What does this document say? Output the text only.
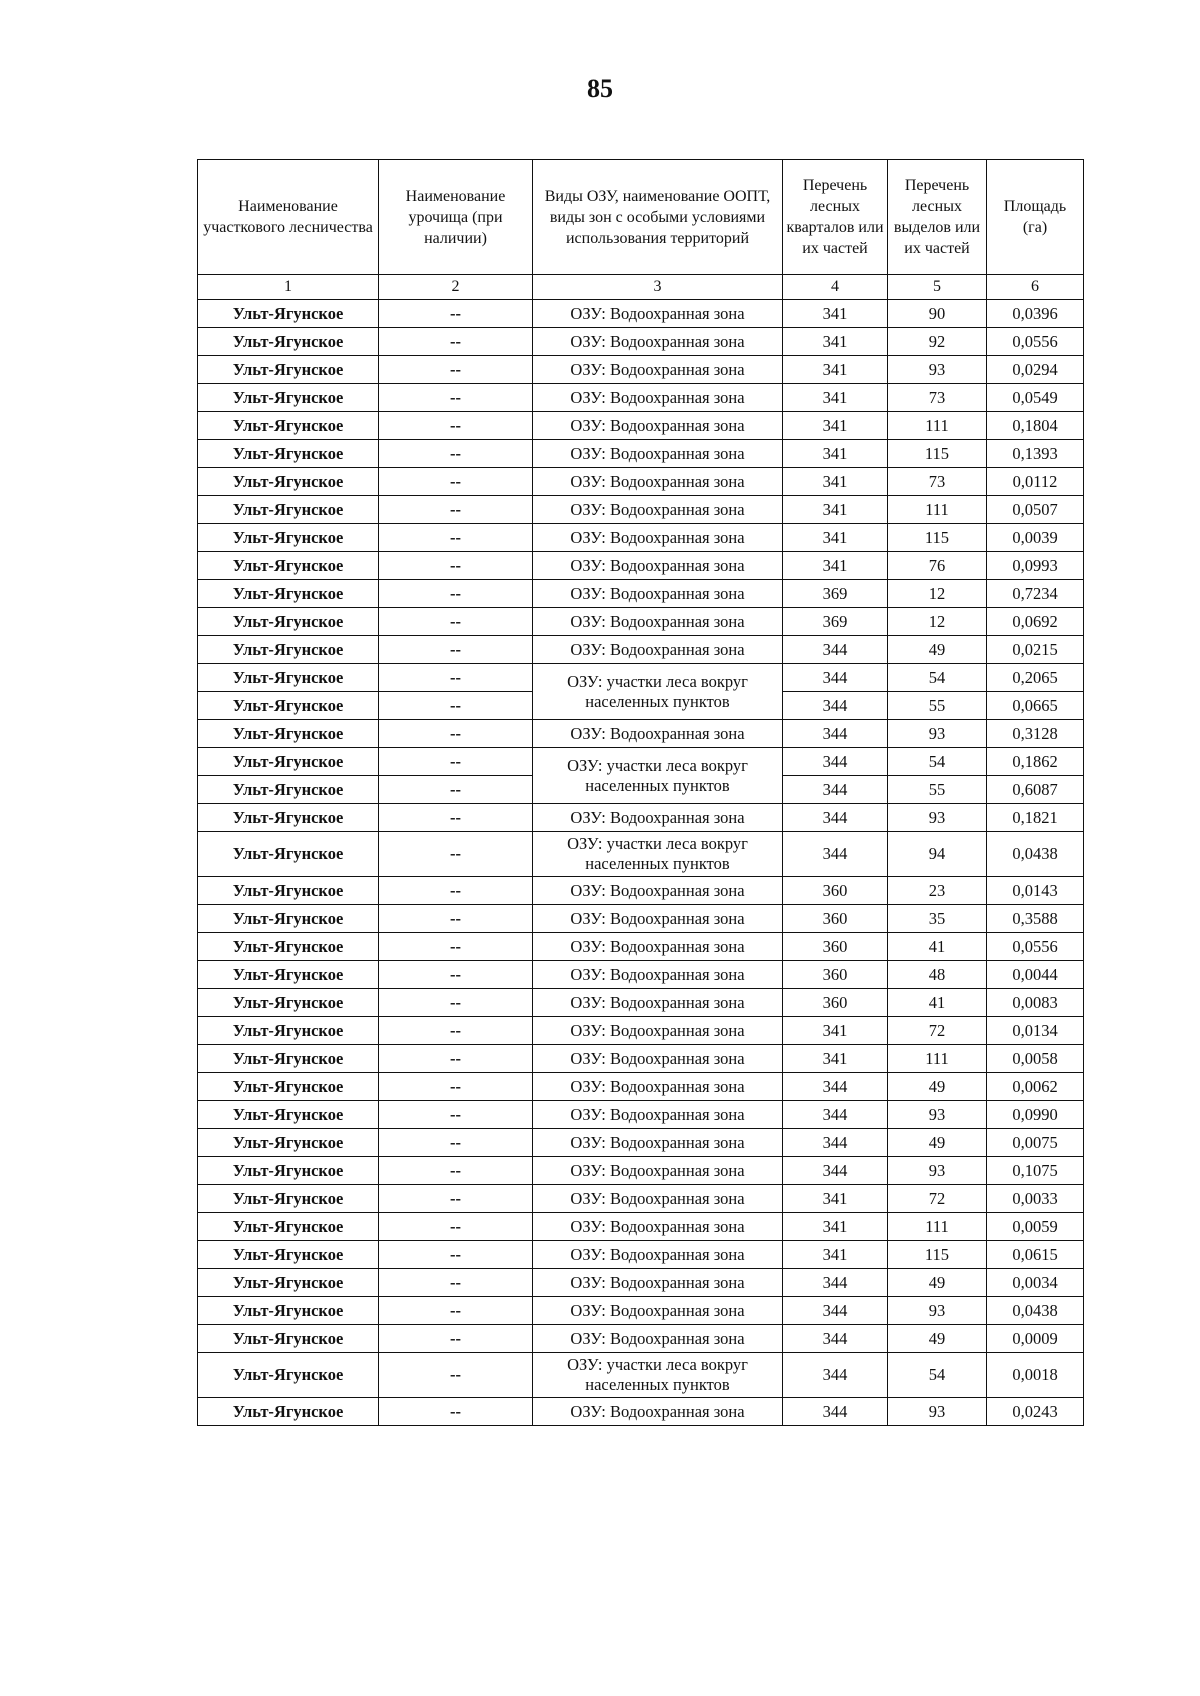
85
Наименование участкового лесничества	Наименование урочища (при наличии)	Виды ОЗУ, наименование ООПТ, виды зон с особыми условиями использования территорий	Перечень лесных кварталов или их частей	Перечень лесных выделов или их частей	Площадь (га)
1	2	3	4	5	6
Ульт-Ягунское	--	ОЗУ: Водоохранная зона	341	90	0,0396
Ульт-Ягунское	--	ОЗУ: Водоохранная зона	341	92	0,0556
Ульт-Ягунское	--	ОЗУ: Водоохранная зона	341	93	0,0294
Ульт-Ягунское	--	ОЗУ: Водоохранная зона	341	73	0,0549
Ульт-Ягунское	--	ОЗУ: Водоохранная зона	341	111	0,1804
Ульт-Ягунское	--	ОЗУ: Водоохранная зона	341	115	0,1393
Ульт-Ягунское	--	ОЗУ: Водоохранная зона	341	73	0,0112
Ульт-Ягунское	--	ОЗУ: Водоохранная зона	341	111	0,0507
Ульт-Ягунское	--	ОЗУ: Водоохранная зона	341	115	0,0039
Ульт-Ягунское	--	ОЗУ: Водоохранная зона	341	76	0,0993
Ульт-Ягунское	--	ОЗУ: Водоохранная зона	369	12	0,7234
Ульт-Ягунское	--	ОЗУ: Водоохранная зона	369	12	0,0692
Ульт-Ягунское	--	ОЗУ: Водоохранная зона	344	49	0,0215
Ульт-Ягунское	--	ОЗУ: участки леса вокруг населенных пунктов	344	54	0,2065
Ульт-Ягунское	--		344	55	0,0665
Ульт-Ягунское	--	ОЗУ: Водоохранная зона	344	93	0,3128
Ульт-Ягунское	--	ОЗУ: участки леса вокруг населенных пунктов	344	54	0,1862
Ульт-Ягунское	--		344	55	0,6087
Ульт-Ягунское	--	ОЗУ: Водоохранная зона	344	93	0,1821
Ульт-Ягунское	--	ОЗУ: участки леса вокруг населенных пунктов	344	94	0,0438
Ульт-Ягунское	--	ОЗУ: Водоохранная зона	360	23	0,0143
Ульт-Ягунское	--	ОЗУ: Водоохранная зона	360	35	0,3588
Ульт-Ягунское	--	ОЗУ: Водоохранная зона	360	41	0,0556
Ульт-Ягунское	--	ОЗУ: Водоохранная зона	360	48	0,0044
Ульт-Ягунское	--	ОЗУ: Водоохранная зона	360	41	0,0083
Ульт-Ягунское	--	ОЗУ: Водоохранная зона	341	72	0,0134
Ульт-Ягунское	--	ОЗУ: Водоохранная зона	341	111	0,0058
Ульт-Ягунское	--	ОЗУ: Водоохранная зона	344	49	0,0062
Ульт-Ягунское	--	ОЗУ: Водоохранная зона	344	93	0,0990
Ульт-Ягунское	--	ОЗУ: Водоохранная зона	344	49	0,0075
Ульт-Ягунское	--	ОЗУ: Водоохранная зона	344	93	0,1075
Ульт-Ягунское	--	ОЗУ: Водоохранная зона	341	72	0,0033
Ульт-Ягунское	--	ОЗУ: Водоохранная зона	341	111	0,0059
Ульт-Ягунское	--	ОЗУ: Водоохранная зона	341	115	0,0615
Ульт-Ягунское	--	ОЗУ: Водоохранная зона	344	49	0,0034
Ульт-Ягунское	--	ОЗУ: Водоохранная зона	344	93	0,0438
Ульт-Ягунское	--	ОЗУ: Водоохранная зона	344	49	0,0009
Ульт-Ягунское	--	ОЗУ: участки леса вокруг населенных пунктов	344	54	0,0018
Ульт-Ягунское	--	ОЗУ: Водоохранная зона	344	93	0,0243
